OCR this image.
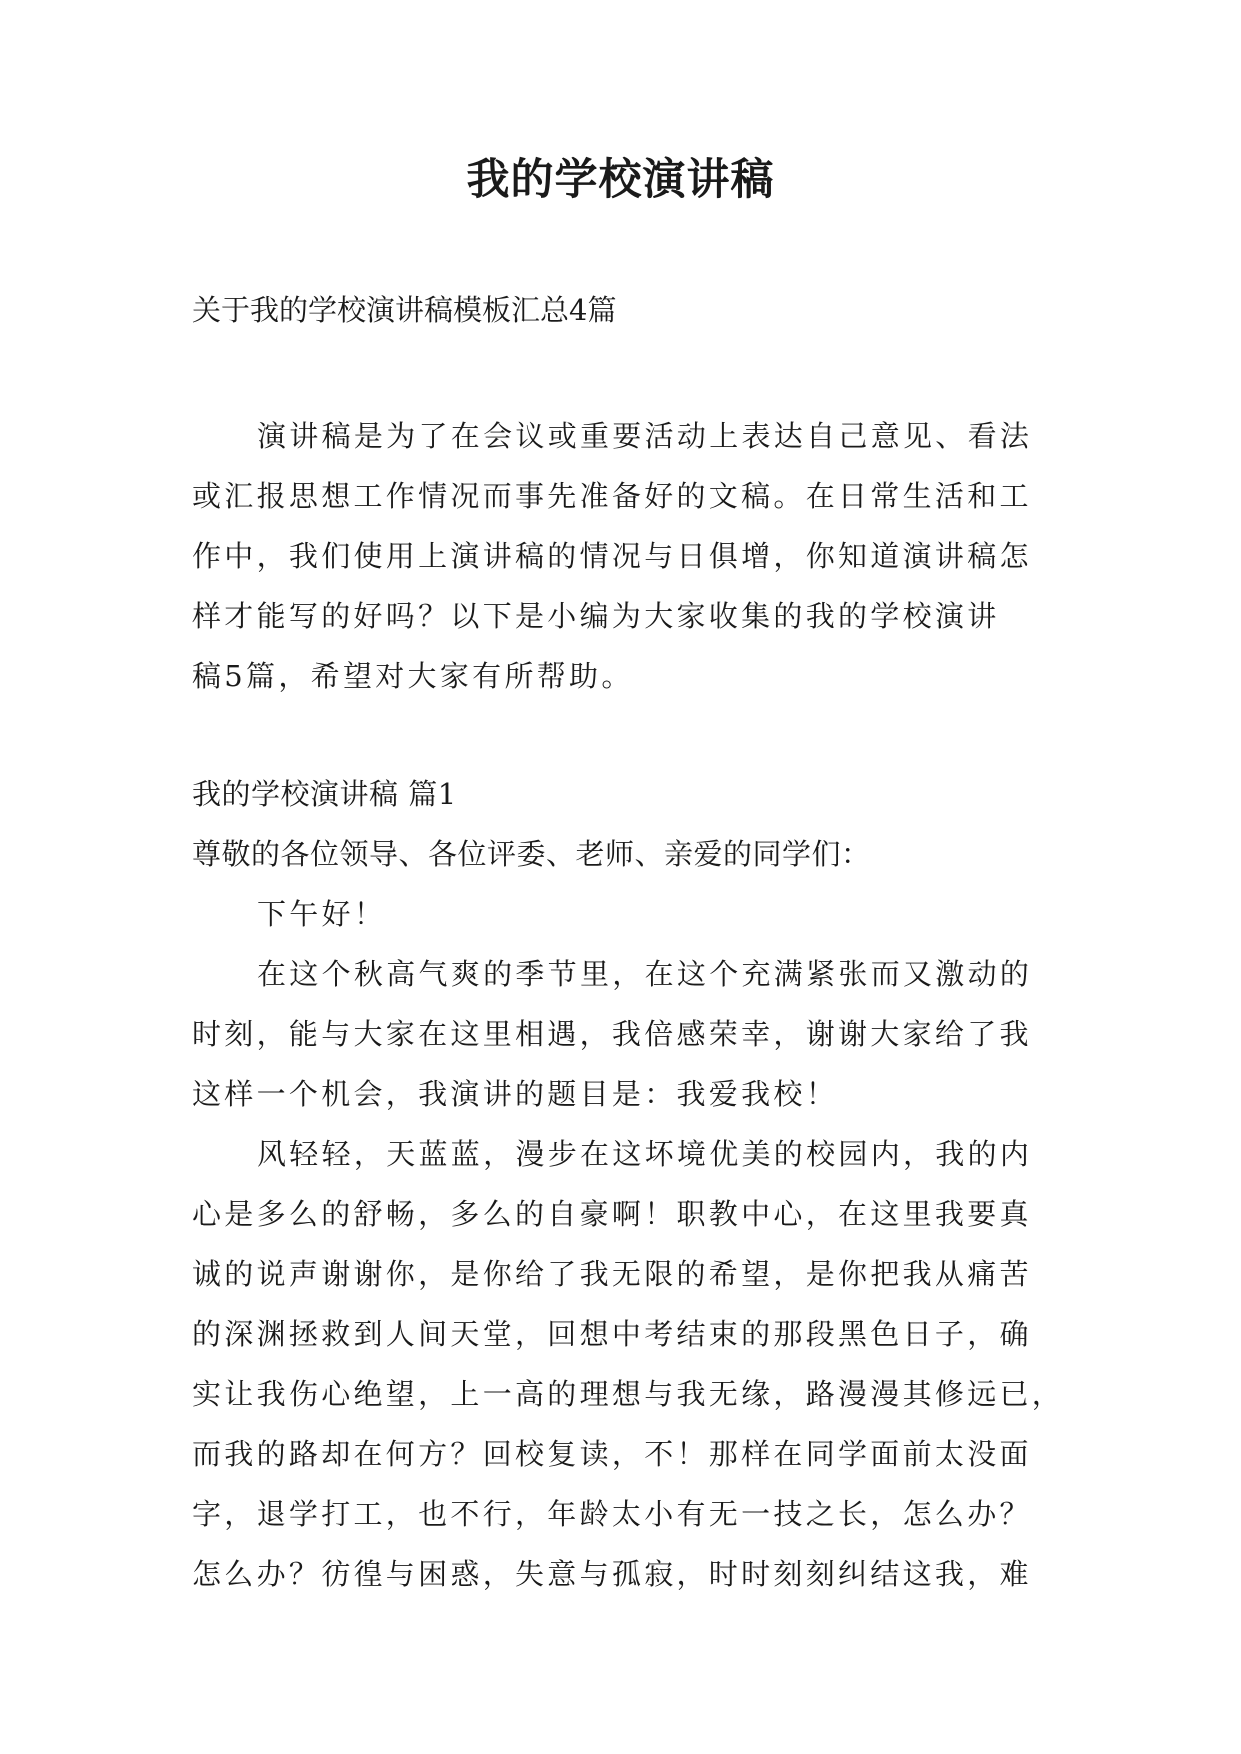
我的学校演讲稿
关于我的学校演讲稿模板汇总4篇
演讲稿是为了在会议或重要活动上表达自己意见、看法
或汇报思想工作情况而事先准备好的文稿。在日常生活和工
作中，我们使用上演讲稿的情况与日俱增，你知道演讲稿怎
样才能写的好吗？以下是小编为大家收集的我的学校演讲
稿5篇，希望对大家有所帮助。
我的学校演讲稿 篇1
尊敬的各位领导、各位评委、老师、亲爱的同学们：
下午好！
在这个秋高气爽的季节里，在这个充满紧张而又激动的
时刻，能与大家在这里相遇，我倍感荣幸，谢谢大家给了我
这样一个机会，我演讲的题目是：我爱我校！
风轻轻，天蓝蓝，漫步在这坏境优美的校园内，我的内
心是多么的舒畅，多么的自豪啊！职教中心，在这里我要真
诚的说声谢谢你，是你给了我无限的希望，是你把我从痛苦
的深渊拯救到人间天堂，回想中考结束的那段黑色日子，确
实让我伤心绝望，上一高的理想与我无缘，路漫漫其修远已，
而我的路却在何方？回校复读，不！那样在同学面前太没面
字，退学打工，也不行，年龄太小有无一技之长，怎么办？
怎么办？彷徨与困惑，失意与孤寂，时时刻刻纠结这我，难
